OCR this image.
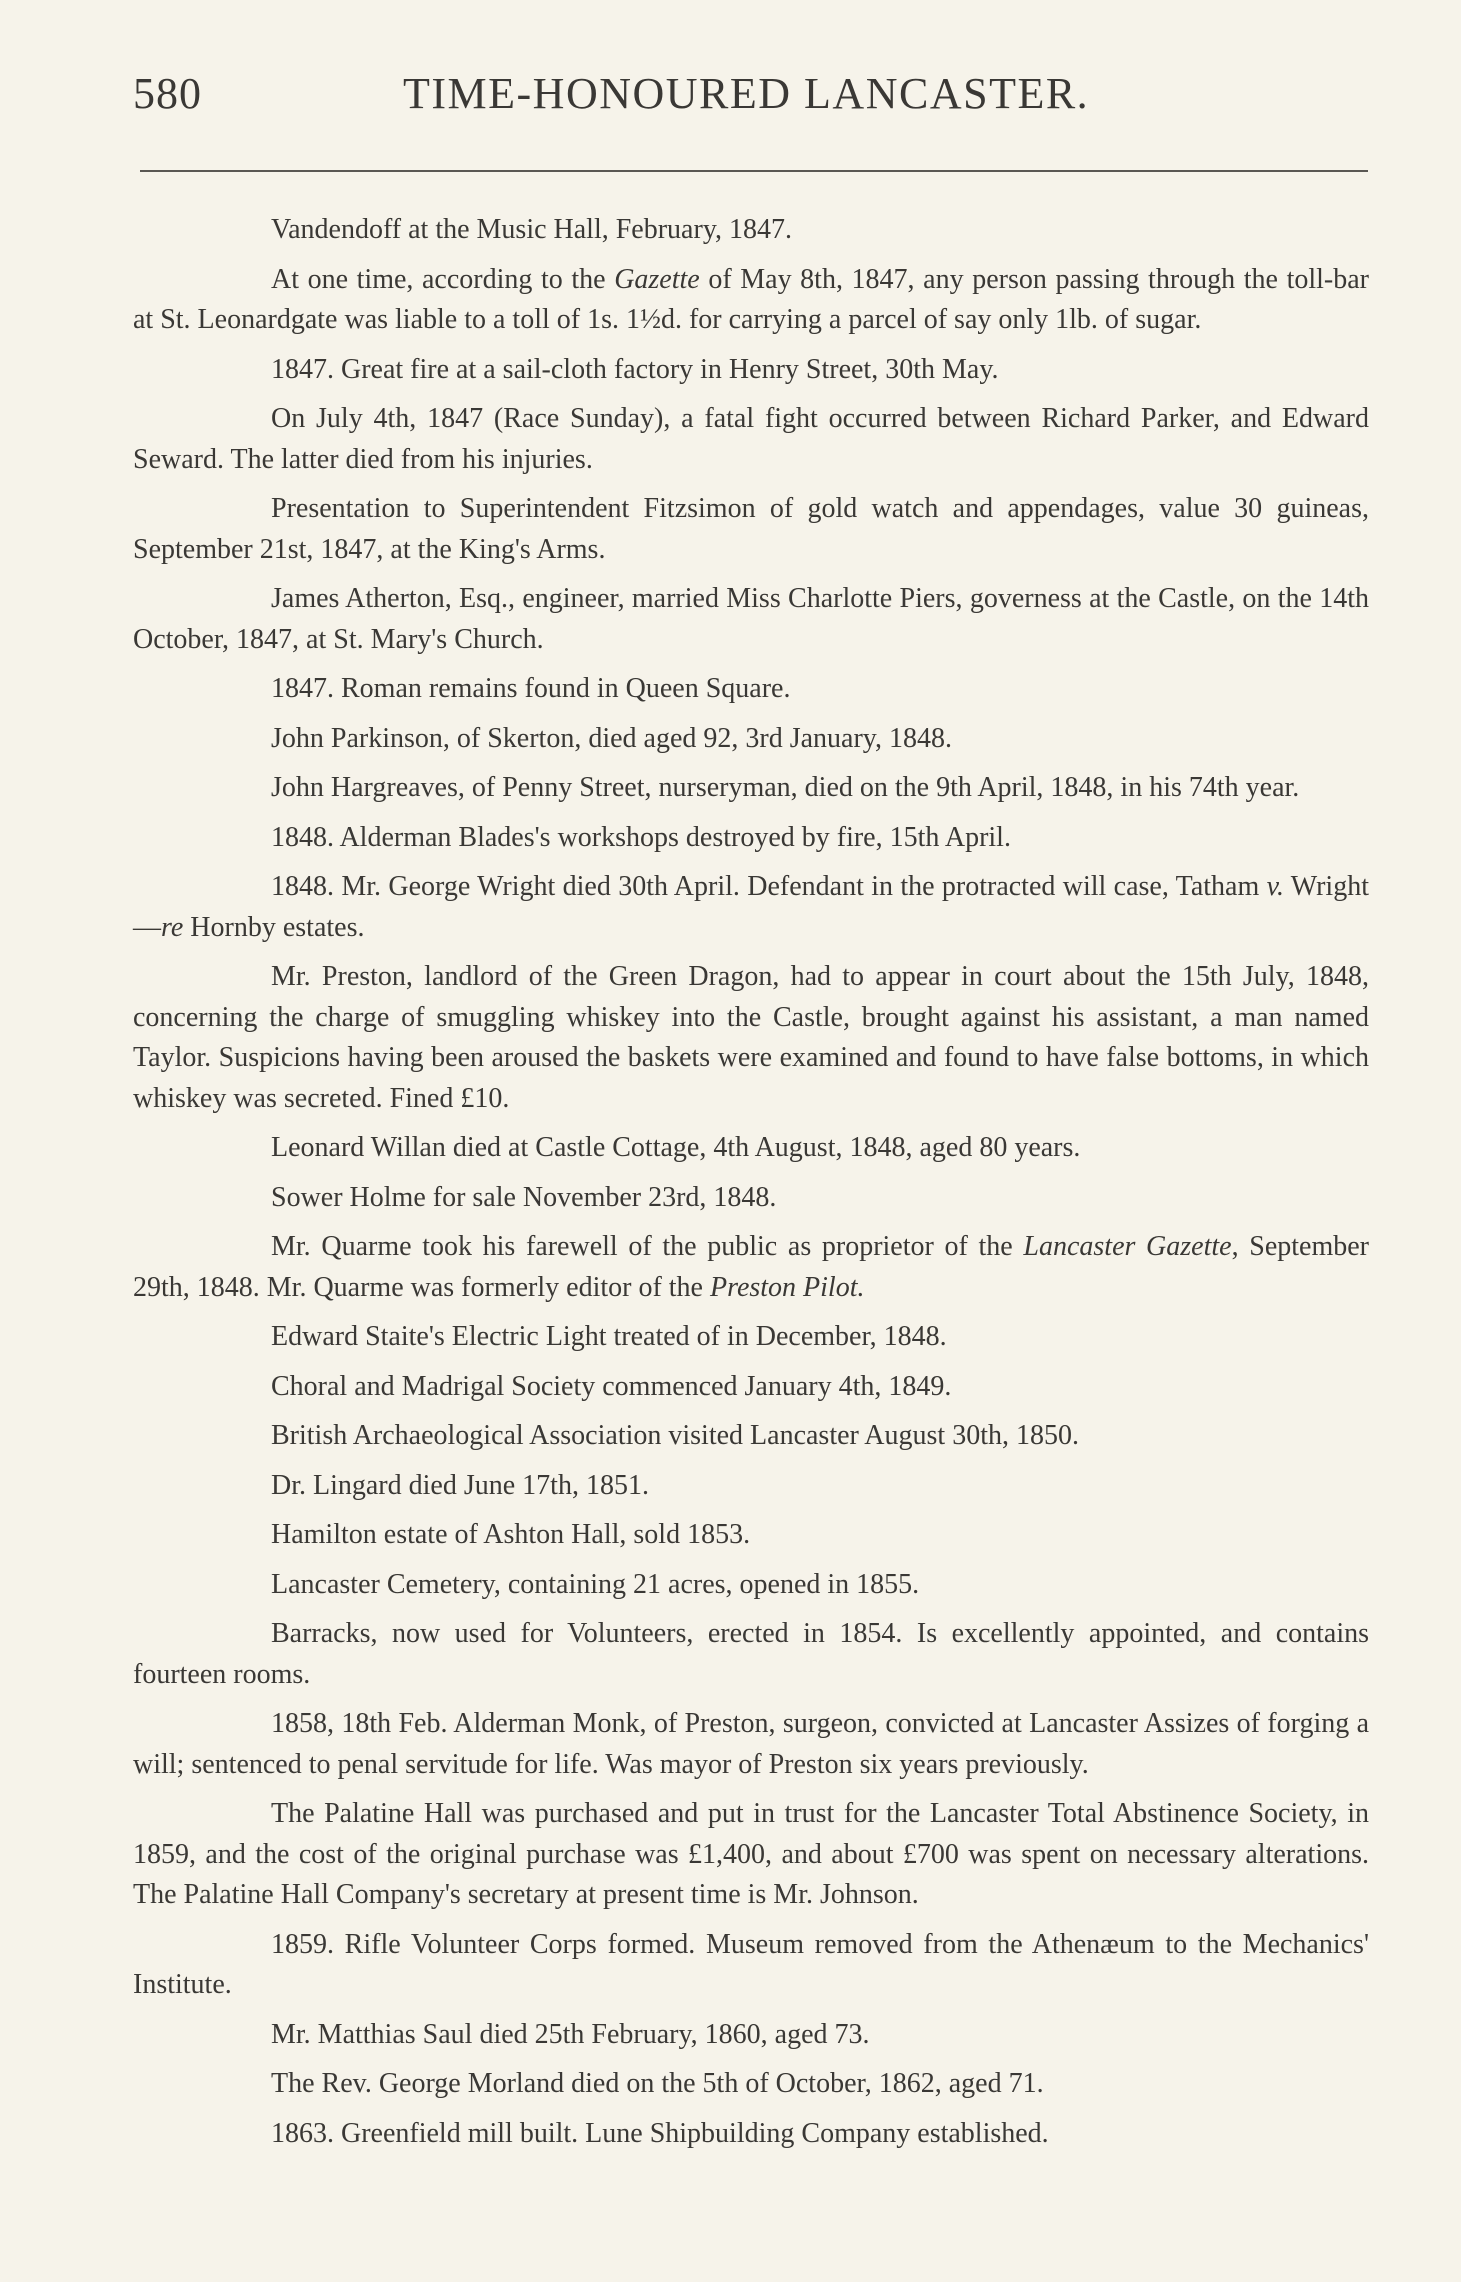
580	TIME-HONOURED LANCASTER.

Vandendoff at the Music Hall, February, 1847.

At one time, according to the Gazette of May 8th, 1847, any person passing through the toll-bar at St. Leonardgate was liable to a toll of 1s. 1½d. for carrying a parcel of say only 1lb. of sugar.

1847. Great fire at a sail-cloth factory in Henry Street, 30th May.

On July 4th, 1847 (Race Sunday), a fatal fight occurred between Richard Parker, and Edward Seward. The latter died from his injuries.

Presentation to Superintendent Fitzsimon of gold watch and appendages, value 30 guineas, September 21st, 1847, at the King's Arms.

James Atherton, Esq., engineer, married Miss Charlotte Piers, governess at the Castle, on the 14th October, 1847, at St. Mary's Church.

1847. Roman remains found in Queen Square.

John Parkinson, of Skerton, died aged 92, 3rd January, 1848.

John Hargreaves, of Penny Street, nurseryman, died on the 9th April, 1848, in his 74th year.

1848. Alderman Blades's workshops destroyed by fire, 15th April.

1848. Mr. George Wright died 30th April. Defendant in the protracted will case, Tatham v. Wright—re Hornby estates.

Mr. Preston, landlord of the Green Dragon, had to appear in court about the 15th July, 1848, concerning the charge of smuggling whiskey into the Castle, brought against his assistant, a man named Taylor. Suspicions having been aroused the baskets were examined and found to have false bottoms, in which whiskey was secreted. Fined £10.

Leonard Willan died at Castle Cottage, 4th August, 1848, aged 80 years.

Sower Holme for sale November 23rd, 1848.

Mr. Quarme took his farewell of the public as proprietor of the Lancaster Gazette, September 29th, 1848. Mr. Quarme was formerly editor of the Preston Pilot.

Edward Staite's Electric Light treated of in December, 1848.

Choral and Madrigal Society commenced January 4th, 1849.

British Archaeological Association visited Lancaster August 30th, 1850.

Dr. Lingard died June 17th, 1851.

Hamilton estate of Ashton Hall, sold 1853.

Lancaster Cemetery, containing 21 acres, opened in 1855.

Barracks, now used for Volunteers, erected in 1854. Is excellently appointed, and contains fourteen rooms.

1858, 18th Feb. Alderman Monk, of Preston, surgeon, convicted at Lancaster Assizes of forging a will; sentenced to penal servitude for life. Was mayor of Preston six years previously.

The Palatine Hall was purchased and put in trust for the Lancaster Total Abstinence Society, in 1859, and the cost of the original purchase was £1,400, and about £700 was spent on necessary alterations. The Palatine Hall Company's secretary at present time is Mr. Johnson.

1859. Rifle Volunteer Corps formed. Museum removed from the Athenæum to the Mechanics' Institute.

Mr. Matthias Saul died 25th February, 1860, aged 73.

The Rev. George Morland died on the 5th of October, 1862, aged 71.

1863. Greenfield mill built. Lune Shipbuilding Company established.
